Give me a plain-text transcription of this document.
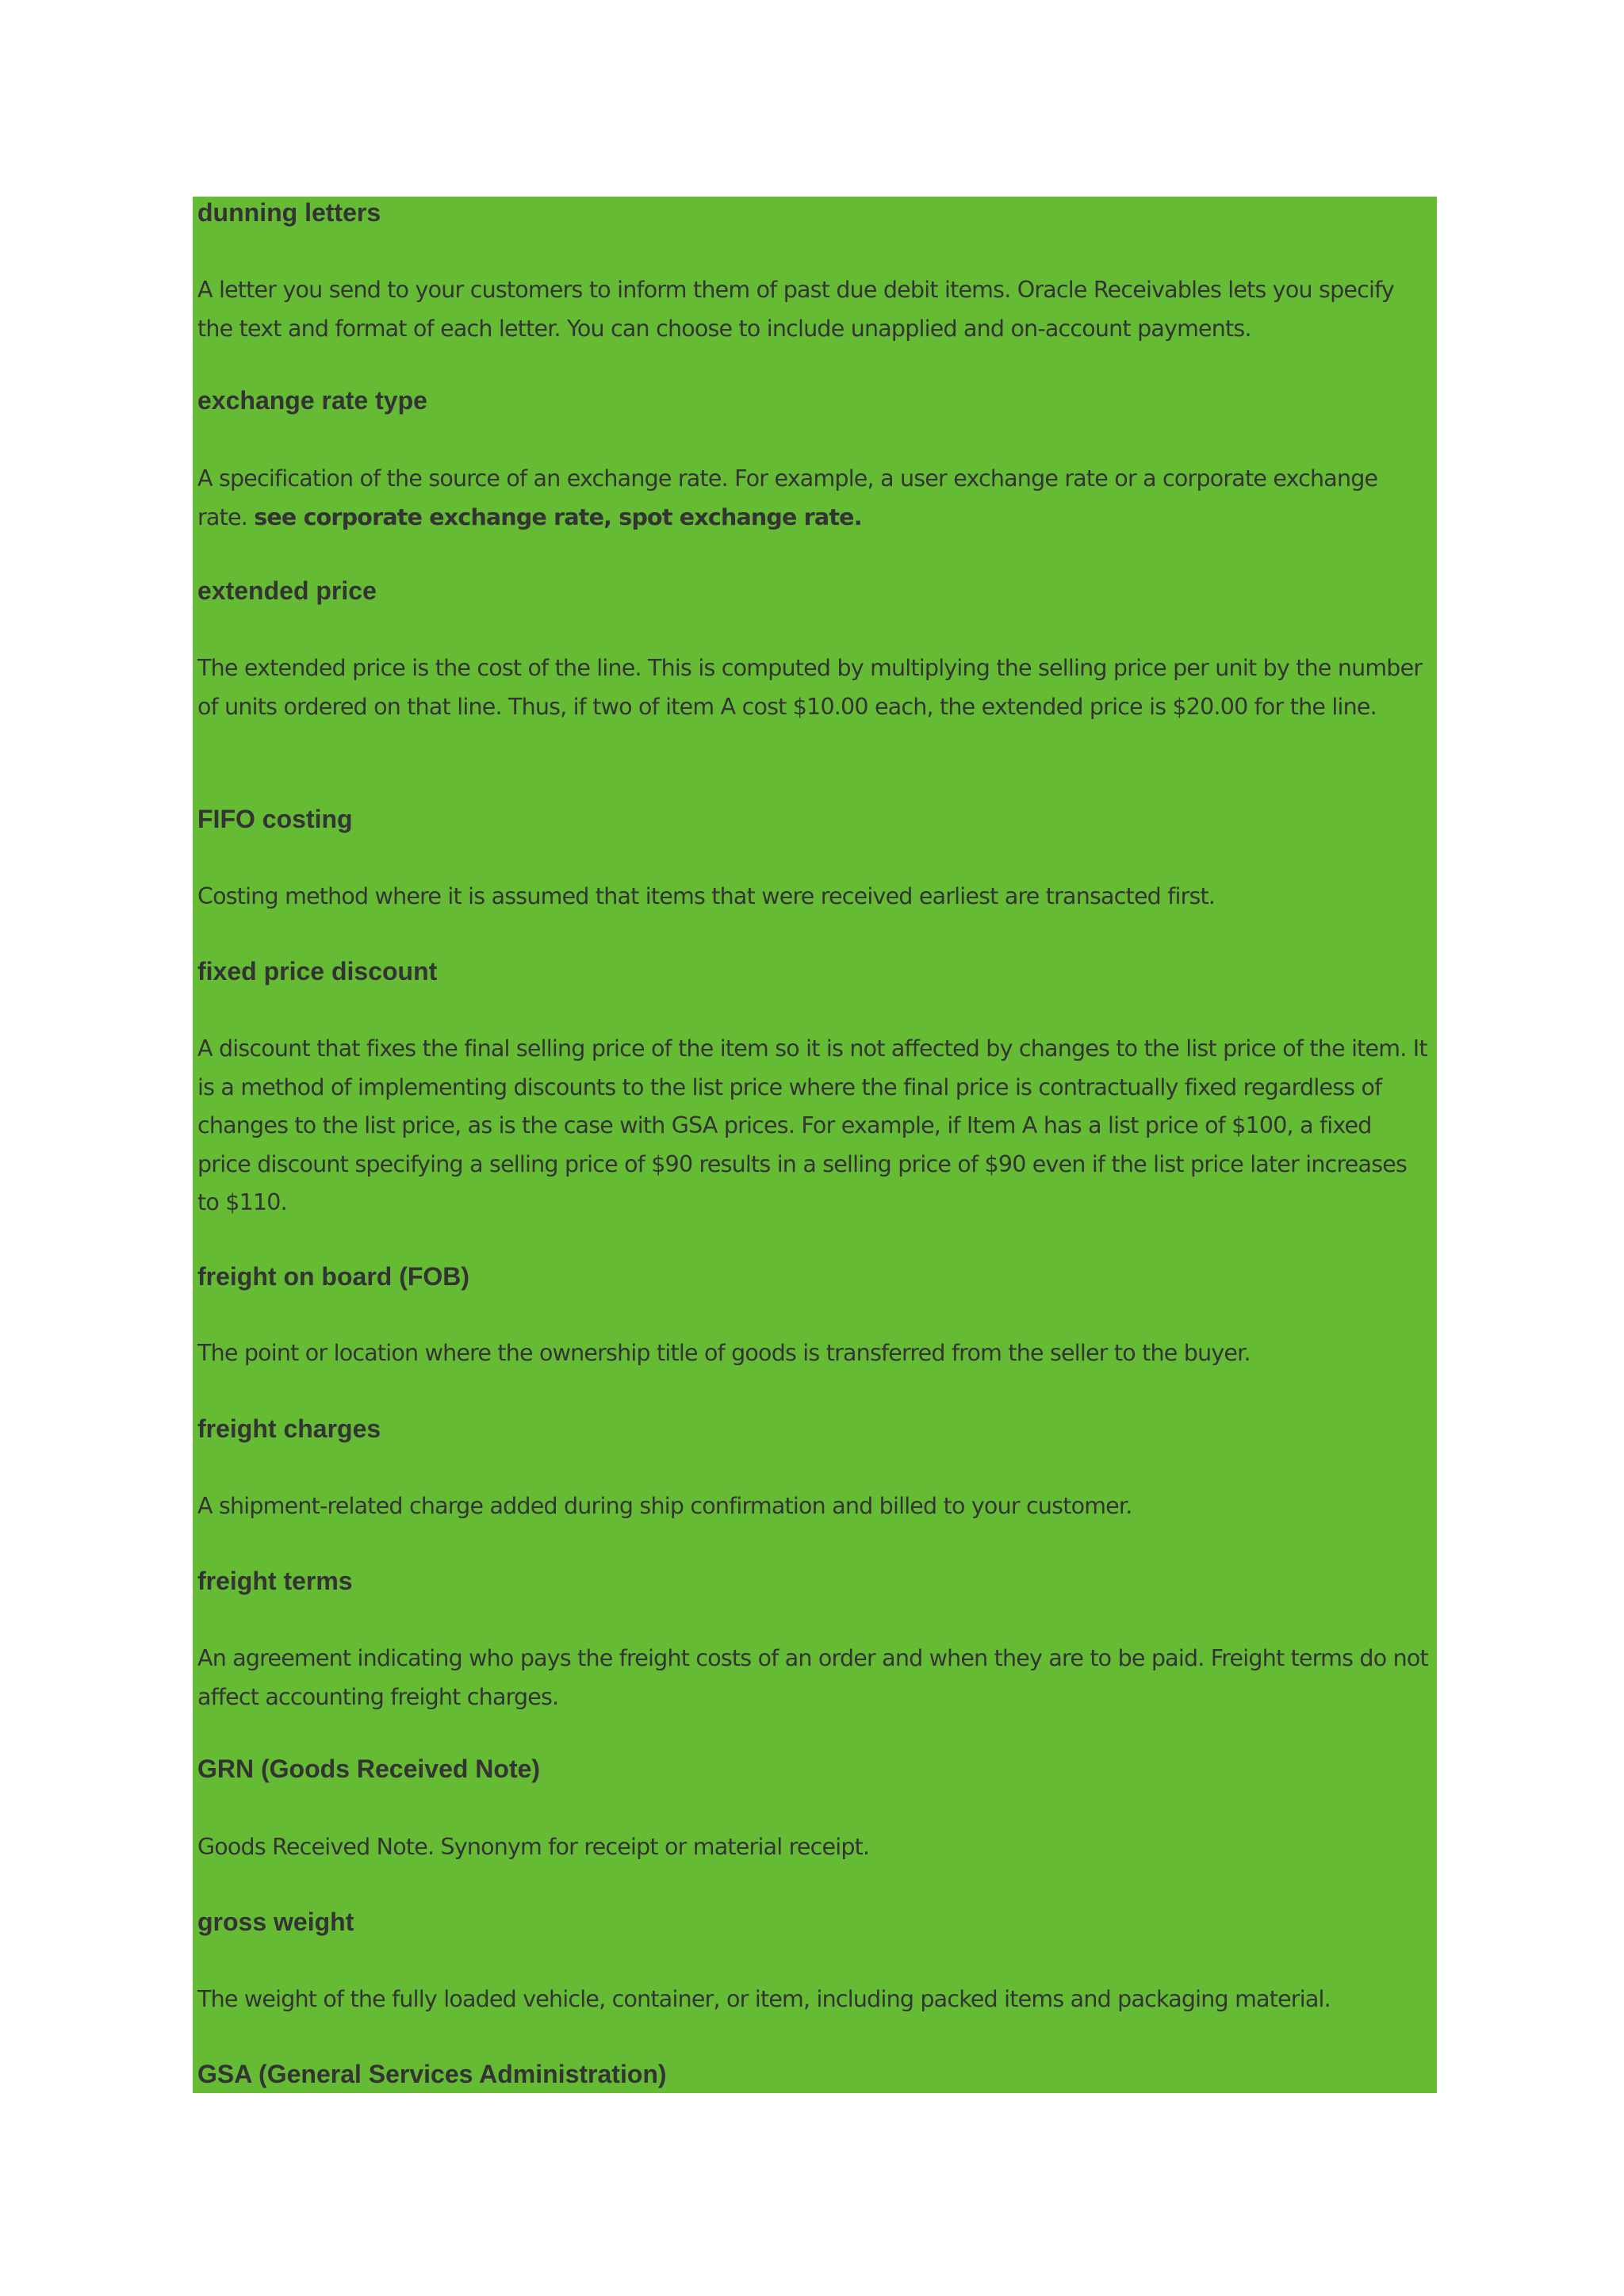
dunning letters

A letter you send to your customers to inform them of past due debit items. Oracle Receivables lets you specify the text and format of each letter. You can choose to include unapplied and on-account payments.

exchange rate type

A specification of the source of an exchange rate. For example, a user exchange rate or a corporate exchange rate. see corporate exchange rate, spot exchange rate.

extended price

The extended price is the cost of the line. This is computed by multiplying the selling price per unit by the number of units ordered on that line. Thus, if two of item A cost $10.00 each, the extended price is $20.00 for the line.

FIFO costing

Costing method where it is assumed that items that were received earliest are transacted first.

fixed price discount

A discount that fixes the final selling price of the item so it is not affected by changes to the list price of the item. It is a method of implementing discounts to the list price where the final price is contractually fixed regardless of changes to the list price, as is the case with GSA prices. For example, if Item A has a list price of $100, a fixed price discount specifying a selling price of $90 results in a selling price of $90 even if the list price later increases to $110.

freight on board (FOB)

The point or location where the ownership title of goods is transferred from the seller to the buyer.

freight charges

A shipment-related charge added during ship confirmation and billed to your customer.

freight terms

An agreement indicating who pays the freight costs of an order and when they are to be paid. Freight terms do not affect accounting freight charges.

GRN (Goods Received Note)

Goods Received Note. Synonym for receipt or material receipt.

gross weight

The weight of the fully loaded vehicle, container, or item, including packed items and packaging material.

GSA (General Services Administration)
